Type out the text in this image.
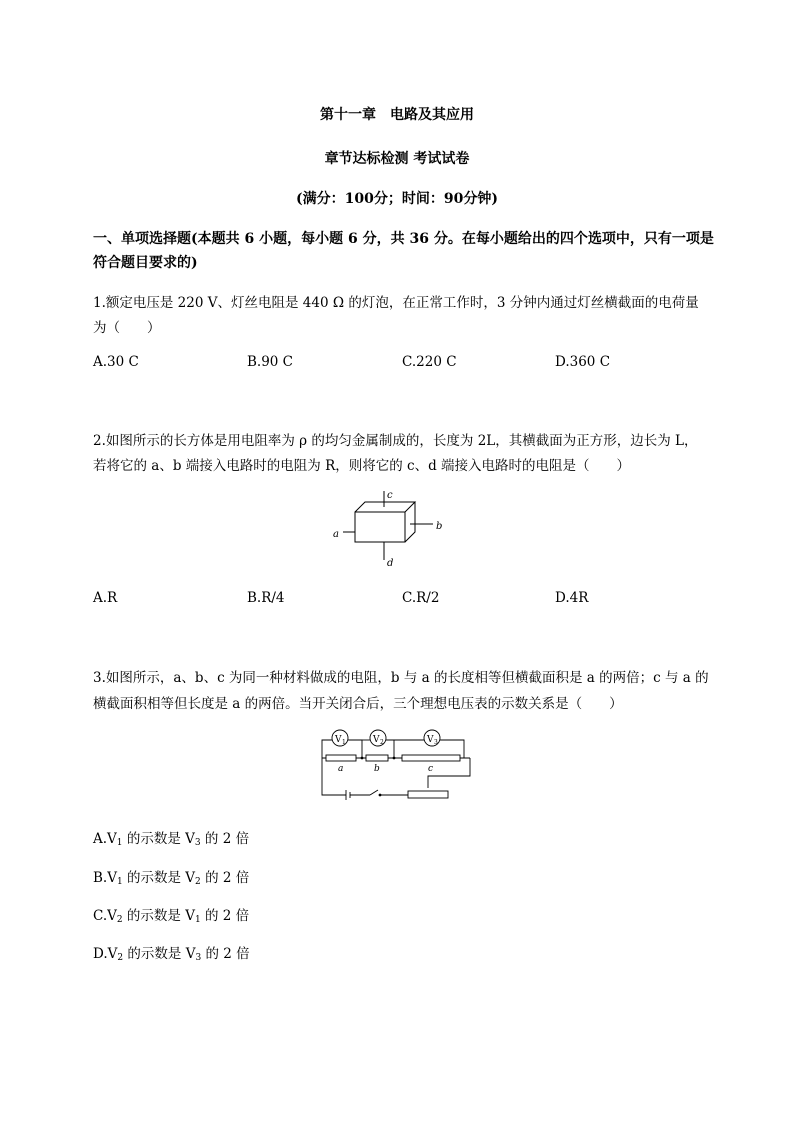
第十一章　电路及其应用
章节达标检测 考试试卷
(满分：100分；时间：90分钟)
一、单项选择题(本题共 6 小题，每小题 6 分，共 36 分。在每小题给出的四个选项中，只有一项是
符合题目要求的)
1.额定电压是 220 V、灯丝电阻是 440 Ω 的灯泡，在正常工作时，3 分钟内通过灯丝横截面的电荷量
为（　　）
A.30 C	B.90 C	C.220 C	D.360 C
2.如图所示的长方体是用电阻率为 ρ 的均匀金属制成的，长度为 2L，其横截面为正方形，边长为 L，
若将它的 a、b 端接入电路时的电阻为 R，则将它的 c、d 端接入电路时的电阻是（　　）
c
a
b
d
A.R	B.R/4	C.R/2	D.4R
3.如图所示，a、b、c 为同一种材料做成的电阻，b 与 a 的长度相等但横截面积是 a 的两倍；c 与 a 的
横截面积相等但长度是 a 的两倍。当开关闭合后，三个理想电压表的示数关系是（　　）
V 1	V 2	V 3
a	b	c
$A.V_1$ 的示数是 $V_3$ 的 2 倍
$B.V_1$ 的示数是 $V_2$ 的 2 倍
$C.V_2$ 的示数是 $V_1$ 的 2 倍
$D.V_2$ 的示数是 $V_3$ 的 2 倍
